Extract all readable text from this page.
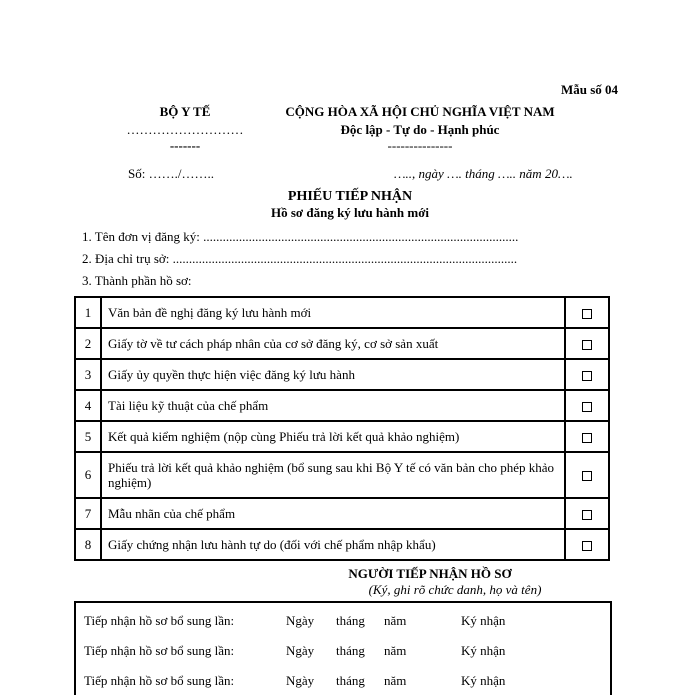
Mẫu số 04
BỘ Y TẾ
………………………
-------
CỘNG HÒA XÃ HỘI CHỦ NGHĨA VIỆT NAM
Độc lập - Tự do - Hạnh phúc
---------------
Số: ……./……..	….., ngày …. tháng ….. năm 20….
PHIẾU TIẾP NHẬN
Hồ sơ đăng ký lưu hành mới
1. Tên đơn vị đăng ký: .................................................................................................
2. Địa chỉ trụ sở: ..........................................................................................................
3. Thành phần hồ sơ:
1	Văn bản đề nghị đăng ký lưu hành mới	
2	Giấy tờ về tư cách pháp nhân của cơ sở đăng ký, cơ sở sản xuất	
3	Giấy ủy quyền thực hiện việc đăng ký lưu hành	
4	Tài liệu kỹ thuật của chế phẩm	
5	Kết quả kiểm nghiệm (nộp cùng Phiếu trả lời kết quả khảo nghiệm)	
6	Phiếu trả lời kết quả khảo nghiệm (bổ sung sau khi Bộ Y tế có văn bản cho phép khảo nghiệm)	
7	Mẫu nhãn của chế phẩm	
8	Giấy chứng nhận lưu hành tự do (đối với chế phẩm nhập khẩu)	
NGƯỜI TIẾP NHẬN HỒ SƠ
(Ký, ghi rõ chức danh, họ và tên)
Tiếp nhận hồ sơ bổ sung lần:	Ngày tháng năm	Ký nhận
Tiếp nhận hồ sơ bổ sung lần:	Ngày tháng năm	Ký nhận
Tiếp nhận hồ sơ bổ sung lần:	Ngày tháng năm	Ký nhận
